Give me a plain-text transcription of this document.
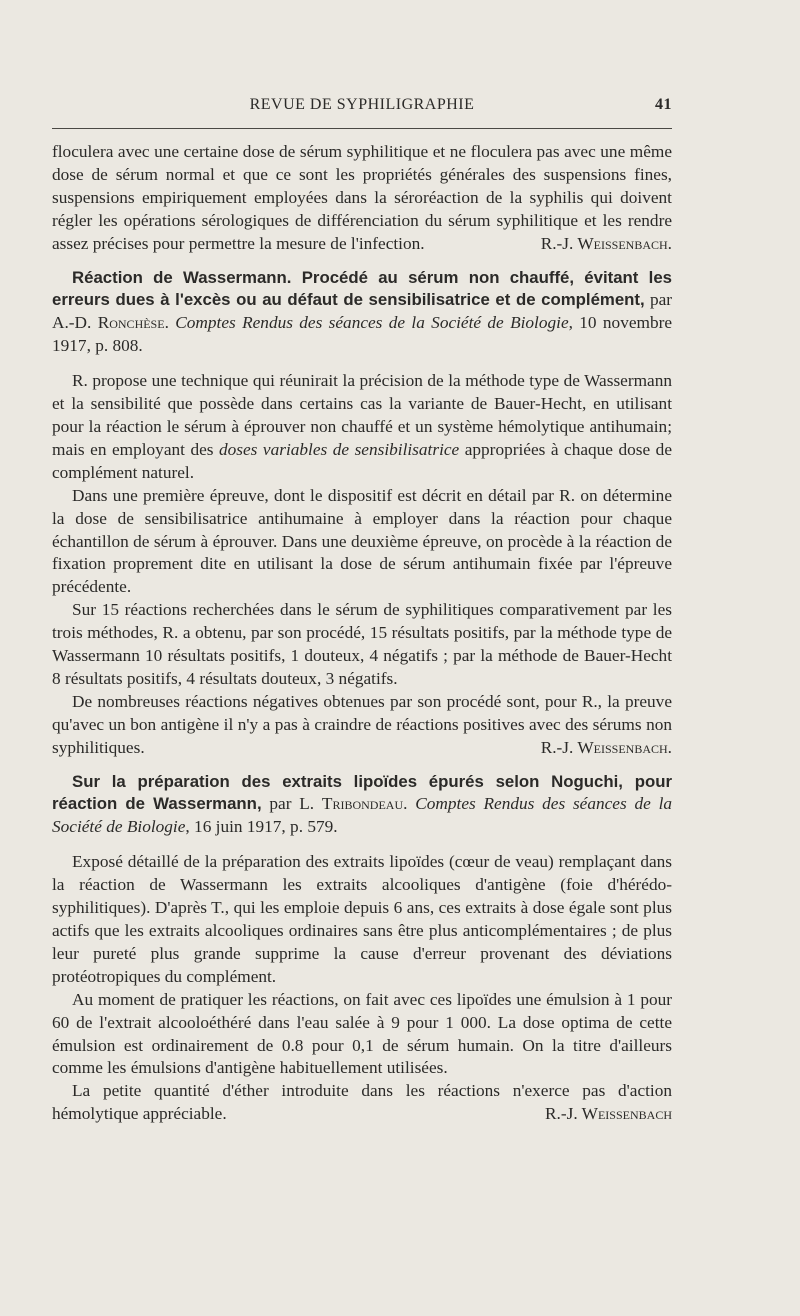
REVUE DE SYPHILIGRAPHIE	41

floculera avec une certaine dose de sérum syphilitique et ne floculera pas avec une même dose de sérum normal et que ce sont les propriétés générales des suspensions fines, suspensions empiriquement employées dans la séroréaction de la syphilis qui doivent régler les opérations sérologiques de différenciation du sérum syphilitique et les rendre assez précises pour permettre la mesure de l'infection.	R.-J. Weissenbach.

Réaction de Wassermann. Procédé au sérum non chauffé, évitant les erreurs dues à l'excès ou au défaut de sensibilisatrice et de complément, par A.-D. Ronchèse. Comptes Rendus des séances de la Société de Biologie, 10 novembre 1917, p. 808.

R. propose une technique qui réunirait la précision de la méthode type de Wassermann et la sensibilité que possède dans certains cas la variante de Bauer-Hecht, en utilisant pour la réaction le sérum à éprouver non chauffé et un système hémolytique antihumain; mais en employant des doses variables de sensibilisatrice appropriées à chaque dose de complément naturel.

Dans une première épreuve, dont le dispositif est décrit en détail par R. on détermine la dose de sensibilisatrice antihumaine à employer dans la réaction pour chaque échantillon de sérum à éprouver. Dans une deuxième épreuve, on procède à la réaction de fixation proprement dite en utilisant la dose de sérum antihumain fixée par l'épreuve précédente.

Sur 15 réactions recherchées dans le sérum de syphilitiques comparativement par les trois méthodes, R. a obtenu, par son procédé, 15 résultats positifs, par la méthode type de Wassermann 10 résultats positifs, 1 douteux, 4 négatifs ; par la méthode de Bauer-Hecht 8 résultats positifs, 4 résultats douteux, 3 négatifs.

De nombreuses réactions négatives obtenues par son procédé sont, pour R., la preuve qu'avec un bon antigène il n'y a pas à craindre de réactions positives avec des sérums non syphilitiques.	R.-J. Weissenbach.

Sur la préparation des extraits lipoïdes épurés selon Noguchi, pour réaction de Wassermann, par L. Tribondeau. Comptes Rendus des séances de la Société de Biologie, 16 juin 1917, p. 579.

Exposé détaillé de la préparation des extraits lipoïdes (cœur de veau) remplaçant dans la réaction de Wassermann les extraits alcooliques d'antigène (foie d'hérédo-syphilitiques). D'après T., qui les emploie depuis 6 ans, ces extraits à dose égale sont plus actifs que les extraits alcooliques ordinaires sans être plus anticomplémentaires ; de plus leur pureté plus grande supprime la cause d'erreur provenant des déviations protéotropiques du complément.

Au moment de pratiquer les réactions, on fait avec ces lipoïdes une émulsion à 1 pour 60 de l'extrait alcooloéthéré dans l'eau salée à 9 pour 1 000. La dose optima de cette émulsion est ordinairement de 0.8 pour 0,1 de sérum humain. On la titre d'ailleurs comme les émulsions d'antigène habituellement utilisées.

La petite quantité d'éther introduite dans les réactions n'exerce pas d'action hémolytique appréciable.	R.-J. Weissenbach
